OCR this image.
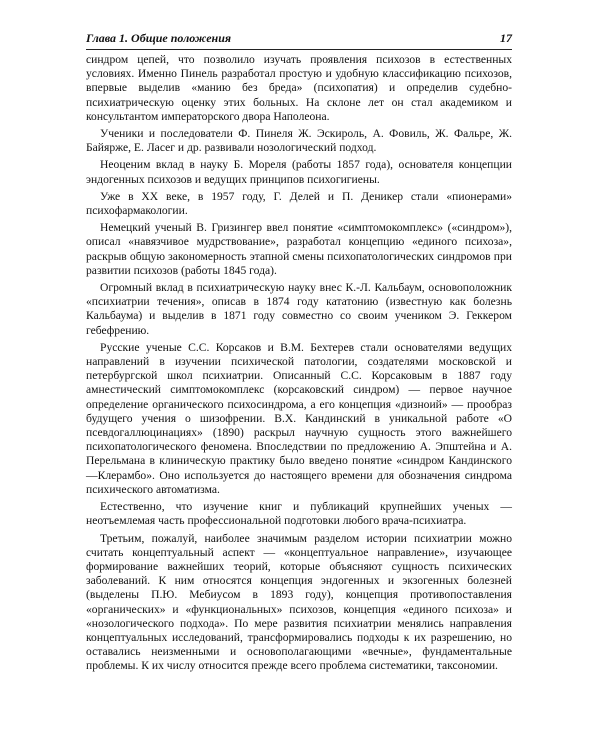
Глава 1. Общие положения	17

синдром цепей, что позволило изучать проявления психозов в естественных условиях. Именно Пинель разработал простую и удобную классификацию психозов, впервые выделив «манию без бреда» (психопатия) и определив судебно-психиатрическую оценку этих больных. На склоне лет он стал академиком и консультантом императорского двора Наполеона.

Ученики и последователи Ф. Пинеля Ж. Эскироль, А. Фовиль, Ж. Фальре, Ж. Байярже, Е. Ласег и др. развивали нозологический подход.

Неоценим вклад в науку Б. Мореля (работы 1857 года), основателя концепции эндогенных психозов и ведущих принципов психогигиены.

Уже в XX веке, в 1957 году, Г. Делей и П. Деникер стали «пионерами» психофармакологии.

Немецкий ученый В. Гризингер ввел понятие «симптомокомплекс» («синдром»), описал «навязчивое мудрствование», разработал концепцию «единого психоза», раскрыв общую закономерность этапной смены психопатологических синдромов при развитии психозов (работы 1845 года).

Огромный вклад в психиатрическую науку внес К.-Л. Кальбаум, основоположник «психиатрии течения», описав в 1874 году кататонию (известную как болезнь Кальбаума) и выделив в 1871 году совместно со своим учеником Э. Геккером гебефрению.

Русские ученые С.С. Корсаков и В.М. Бехтерев стали основателями ведущих направлений в изучении психической патологии, создателями московской и петербургской школ психиатрии. Описанный С.С. Корсаковым в 1887 году амнестический симптомокомплекс (корсаковский синдром) — первое научное определение органического психосиндрома, а его концепция «дизноий» — прообраз будущего учения о шизофрении. В.Х. Кандинский в уникальной работе «О псевдогаллюцинациях» (1890) раскрыл научную сущность этого важнейшего психопатологического феномена. Впоследствии по предложению А. Эпштейна и А. Перельмана в клиническую практику было введено понятие «синдром Кандинского—Клерамбо». Оно используется до настоящего времени для обозначения синдрома психического автоматизма.

Естественно, что изучение книг и публикаций крупнейших ученых — неотъемлемая часть профессиональной подготовки любого врача-психиатра.

Третьим, пожалуй, наиболее значимым разделом истории психиатрии можно считать концептуальный аспект — «концептуальное направление», изучающее формирование важнейших теорий, которые объясняют сущность психических заболеваний. К ним относятся концепция эндогенных и экзогенных болезней (выделены П.Ю. Мебиусом в 1893 году), концепция противопоставления «органических» и «функциональных» психозов, концепция «единого психоза» и «нозологического подхода». По мере развития психиатрии менялись направления концептуальных исследований, трансформировались подходы к их разрешению, но оставались неизменными и основополагающими «вечные», фундаментальные проблемы. К их числу относится прежде всего проблема систематики, таксономии.
